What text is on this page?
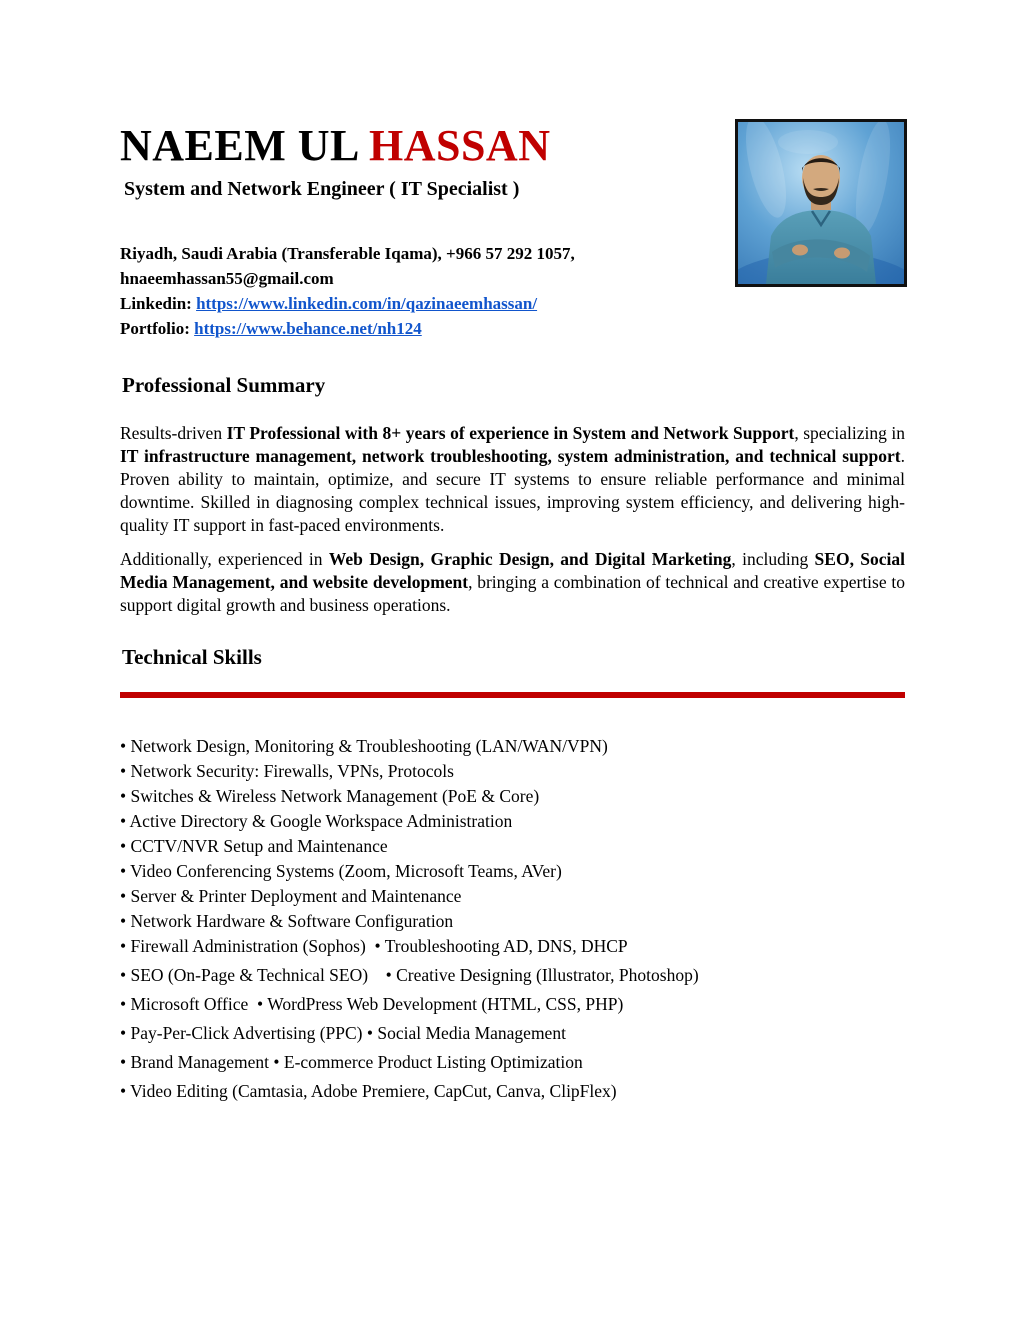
NAEEM UL HASSAN
System and Network Engineer ( IT Specialist )
Riyadh, Saudi Arabia (Transferable Iqama), +966 57 292 1057,
hnaeemhassan55@gmail.com
Linkedin: https://www.linkedin.com/in/qazinaeemhassan/
Portfolio: https://www.behance.net/nh124
Professional Summary

Results-driven IT Professional with 8+ years of experience in System and Network Support, specializing in IT infrastructure management, network troubleshooting, system administration, and technical support. Proven ability to maintain, optimize, and secure IT systems to ensure reliable performance and minimal downtime. Skilled in diagnosing complex technical issues, improving system efficiency, and delivering high-quality IT support in fast-paced environments.

Additionally, experienced in Web Design, Graphic Design, and Digital Marketing, including SEO, Social Media Management, and website development, bringing a combination of technical and creative expertise to support digital growth and business operations.

Technical Skills
• Network Design, Monitoring & Troubleshooting (LAN/WAN/VPN)
• Network Security: Firewalls, VPNs, Protocols
• Switches & Wireless Network Management (PoE & Core)
• Active Directory & Google Workspace Administration
• CCTV/NVR Setup and Maintenance
• Video Conferencing Systems (Zoom, Microsoft Teams, AVer)
• Server & Printer Deployment and Maintenance
• Network Hardware & Software Configuration
• Firewall Administration (Sophos)  • Troubleshooting AD, DNS, DHCP
• SEO (On-Page & Technical SEO)    • Creative Designing (Illustrator, Photoshop)
• Microsoft Office  • WordPress Web Development (HTML, CSS, PHP)
• Pay-Per-Click Advertising (PPC) • Social Media Management
• Brand Management • E-commerce Product Listing Optimization
• Video Editing (Camtasia, Adobe Premiere, CapCut, Canva, ClipFlex)
